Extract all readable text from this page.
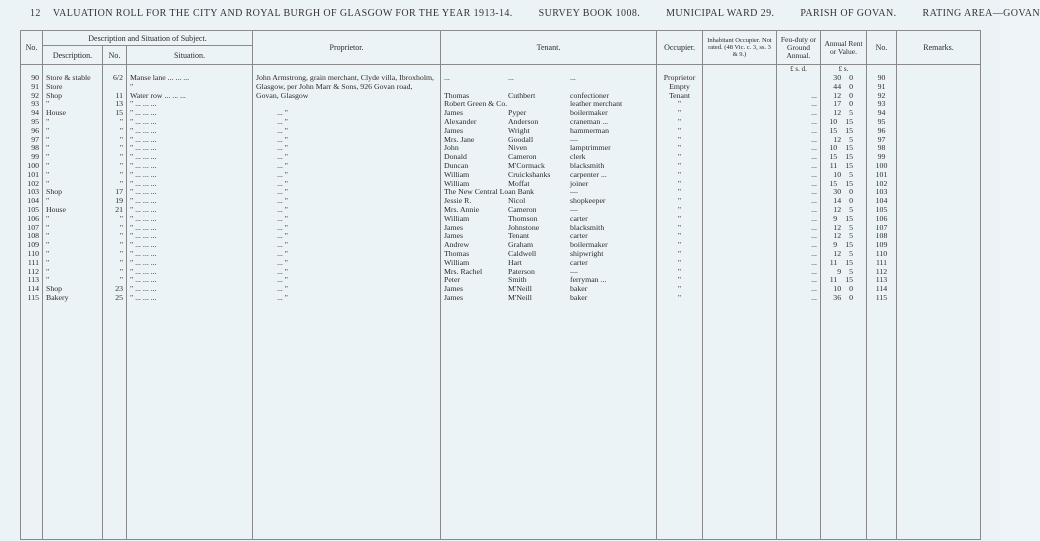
12 VALUATION ROLL FOR THE CITY AND ROYAL BURGH OF GLASGOW FOR THE YEAR 1913-14.	SURVEY BOOK 1008.	MUNICIPAL WARD 29.	PARISH OF GOVAN.	RATING AREA—GOVAN
No.	Description and Situation of Subject.			Proprietor.	Tenant.	Occupier.	Inhabitant Occupier. Not rated. (48 Vic. c. 3, ss. 3 & 9.)	Feu-duty or Ground Annual.	Annual Rent or Value.	No.	Remarks.
	Description.	No.	Situation.								
								£ s. d.	£ s.		
90	Store & stable	6/2	Manse lane ... ... ...	John Armstrong, grain merchant, Clyde villa, Ibroxholm, Glasgow, per John Marr & Sons, 926 Govan road, Govan, Glasgow	... ... ...	Proprietor			30 0	90	
91	Store		"			Empty			44 0	91	
92	Shop	11	Water row ... ... ...		Thomas Cuthbert confectioner	Tenant		...	12 0	92	
93	"	13	" ... ... ...		Robert Green & Co. leather merchant	"		...	17 0	93	
94	House	15	" ... ... ...	... "	James Pyper boilermaker	"		...	12 5	94	
95	"	"	" ... ... ...	... "	Alexander Anderson craneman ...	"		...	10 15	95	
96	"	"	" ... ... ...	... "	James Wright hammerman	"		...	15 15	96	
97	"	"	" ... ... ...	... "	Mrs. Jane Goodall —	"		...	12 5	97	
98	"	"	" ... ... ...	... "	John Niven lamptrimmer	"		...	10 15	98	
99	"	"	" ... ... ...	... "	Donald Cameron clerk	"		...	15 15	99	
100	"	"	" ... ... ...	... "	Duncan M'Cormack blacksmith	"		...	11 15	100	
101	"	"	" ... ... ...	... "	William Cruickshanks carpenter ...	"		...	10 5	101	
102	"	"	" ... ... ...	... "	William Moffat joiner	"		...	15 15	102	
103	Shop	17	" ... ... ...	... "	The New Central Loan Bank —	"		...	30 0	103	
104	"	19	" ... ... ...	... "	Jessie R. Nicol shopkeeper	"		...	14 0	104	
105	House	21	" ... ... ...	... "	Mrs. Annie Cameron —	"		...	12 5	105	
106	"	"	" ... ... ...	... "	William Thomson carter	"		...	9 15	106	
107	"	"	" ... ... ...	... "	James Johnstone blacksmith	"		...	12 5	107	
108	"	"	" ... ... ...	... "	James Tenant carter	"		...	12 5	108	
109	"	"	" ... ... ...	... "	Andrew Graham boilermaker	"		...	9 15	109	
110	"	"	" ... ... ...	... "	Thomas Caldwell shipwright	"		...	12 5	110	
111	"	"	" ... ... ...	... "	William Hart carter	"		...	11 15	111	
112	"	"	" ... ... ...	... "	Mrs. Rachel Paterson —	"		...	9 5	112	
113	"	"	" ... ... ...	... "	Peter Smith ferryman ...	"		...	11 15	113	
114	Shop	23	" ... ... ...	... "	James M'Neill baker	"		...	10 0	114	
115	Bakery	25	" ... ... ...	... "	James M'Neill baker	"		...	36 0	115	
